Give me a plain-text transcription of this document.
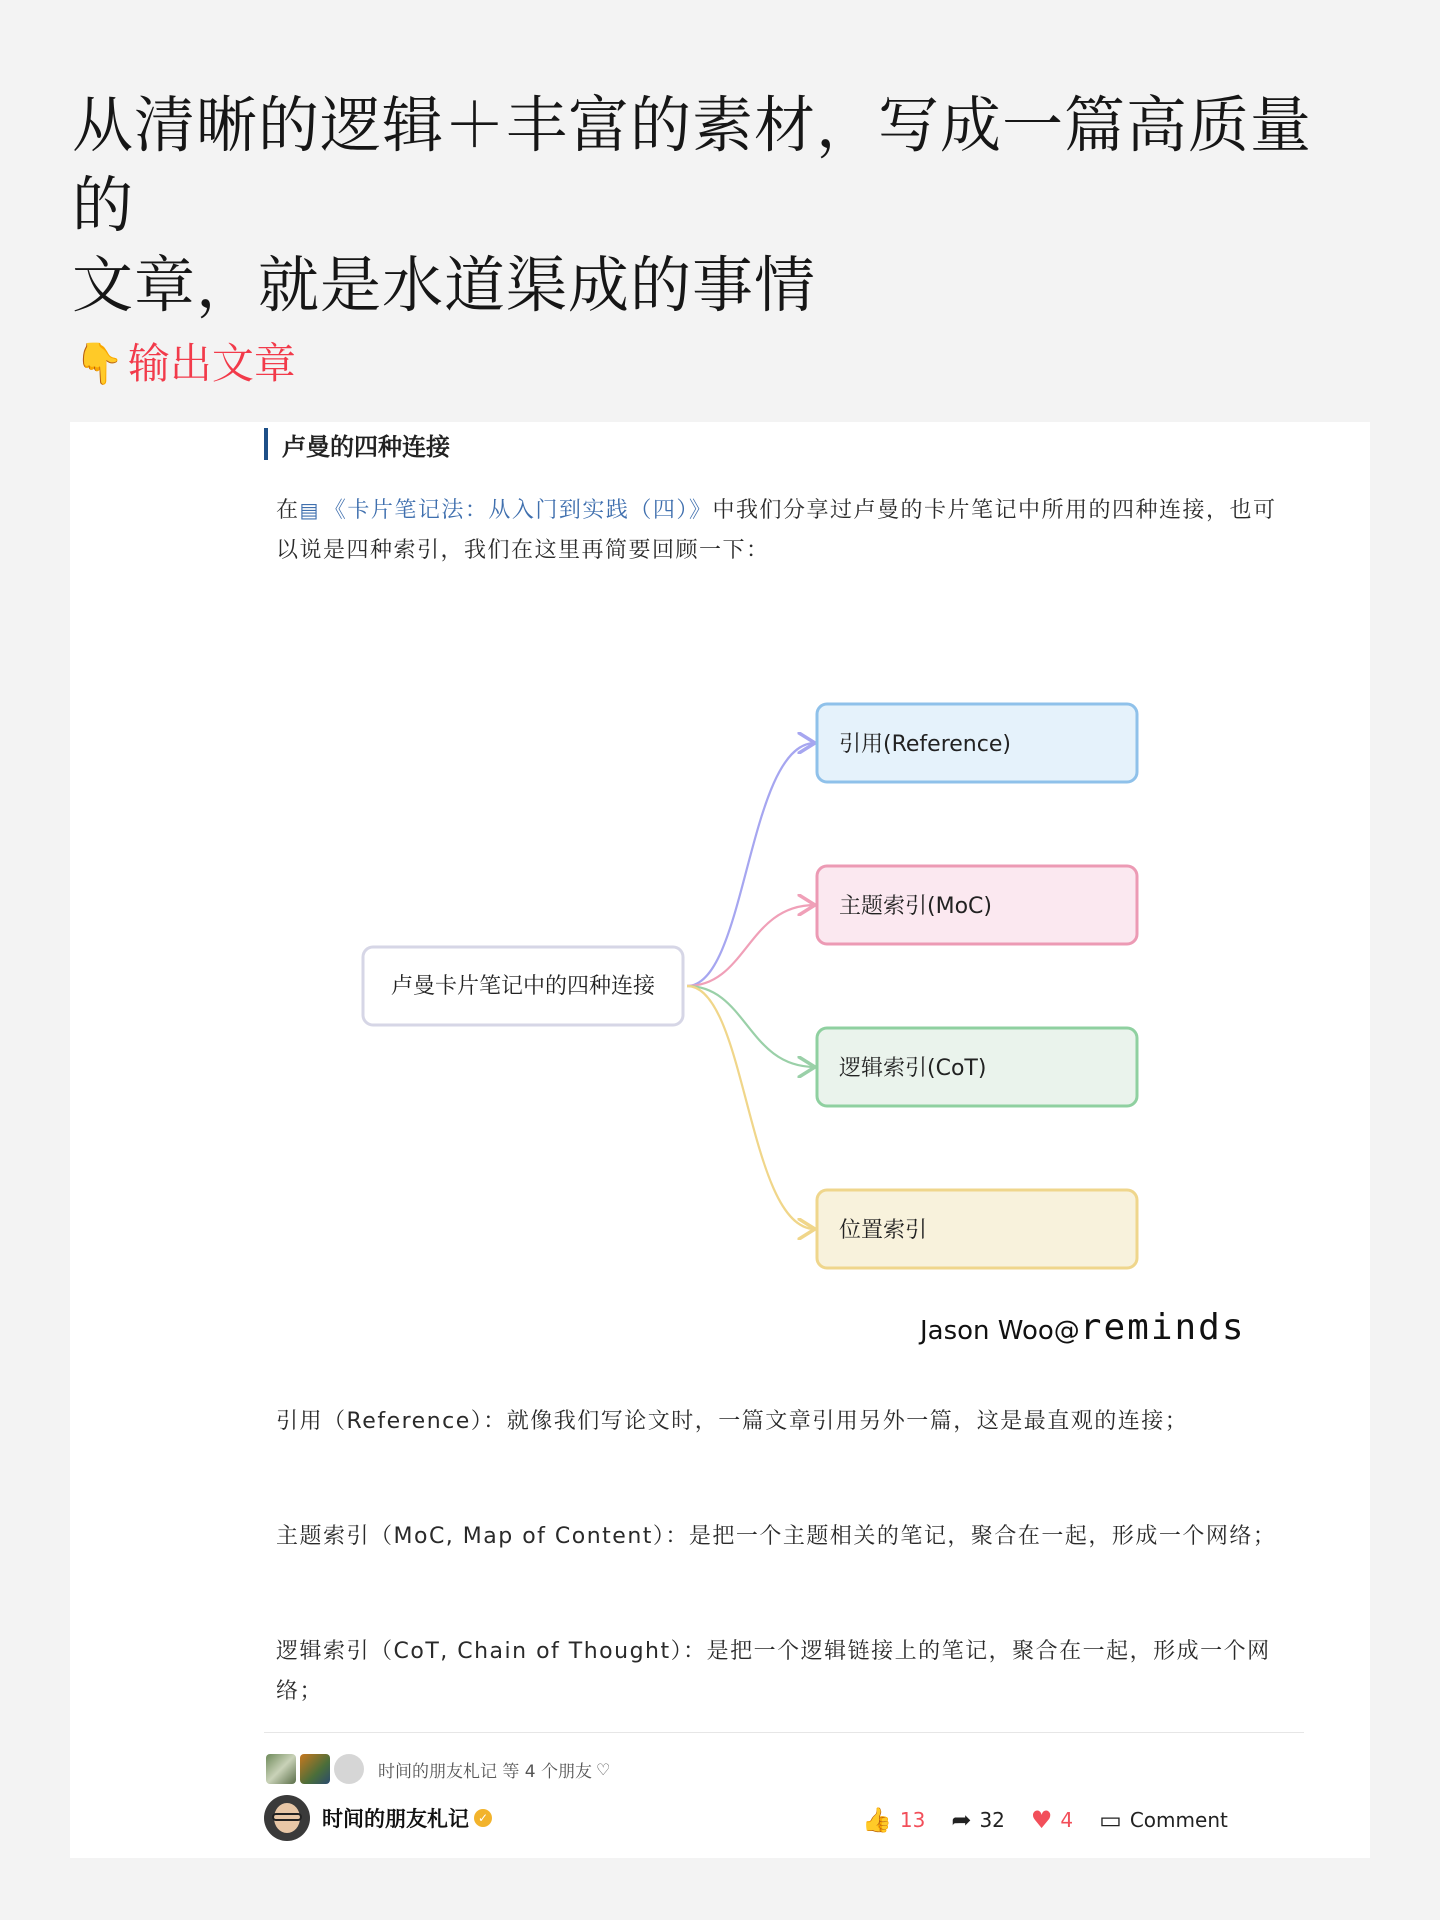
从清晰的逻辑＋丰富的素材，写成一篇高质量的
文章，就是水道渠成的事情
👇 输出文章
卢曼的四种连接
在▤ 《卡片笔记法：从入门到实践（四）》中我们分享过卢曼的卡片笔记中所用的四种连接，也可以说是四种索引，我们在这里再简要回顾一下：
卢曼卡片笔记中的四种连接
引用(Reference)
主题索引(MoC)
逻辑索引(CoT)
位置索引
Jason Woo@ reminds
引用（Reference）：就像我们写论文时，一篇文章引用另外一篇，这是最直观的连接；
主题索引（MoC, Map of Content）：是把一个主题相关的笔记，聚合在一起，形成一个网络；
逻辑索引（CoT, Chain of Thought）：是把一个逻辑链接上的笔记，聚合在一起，形成一个网络；
时间的朋友札记 等 4 个朋友 ♡
时间的朋友札记 ✓	👍 13 ➦ 32 ♥ 4 ▭ Comment
